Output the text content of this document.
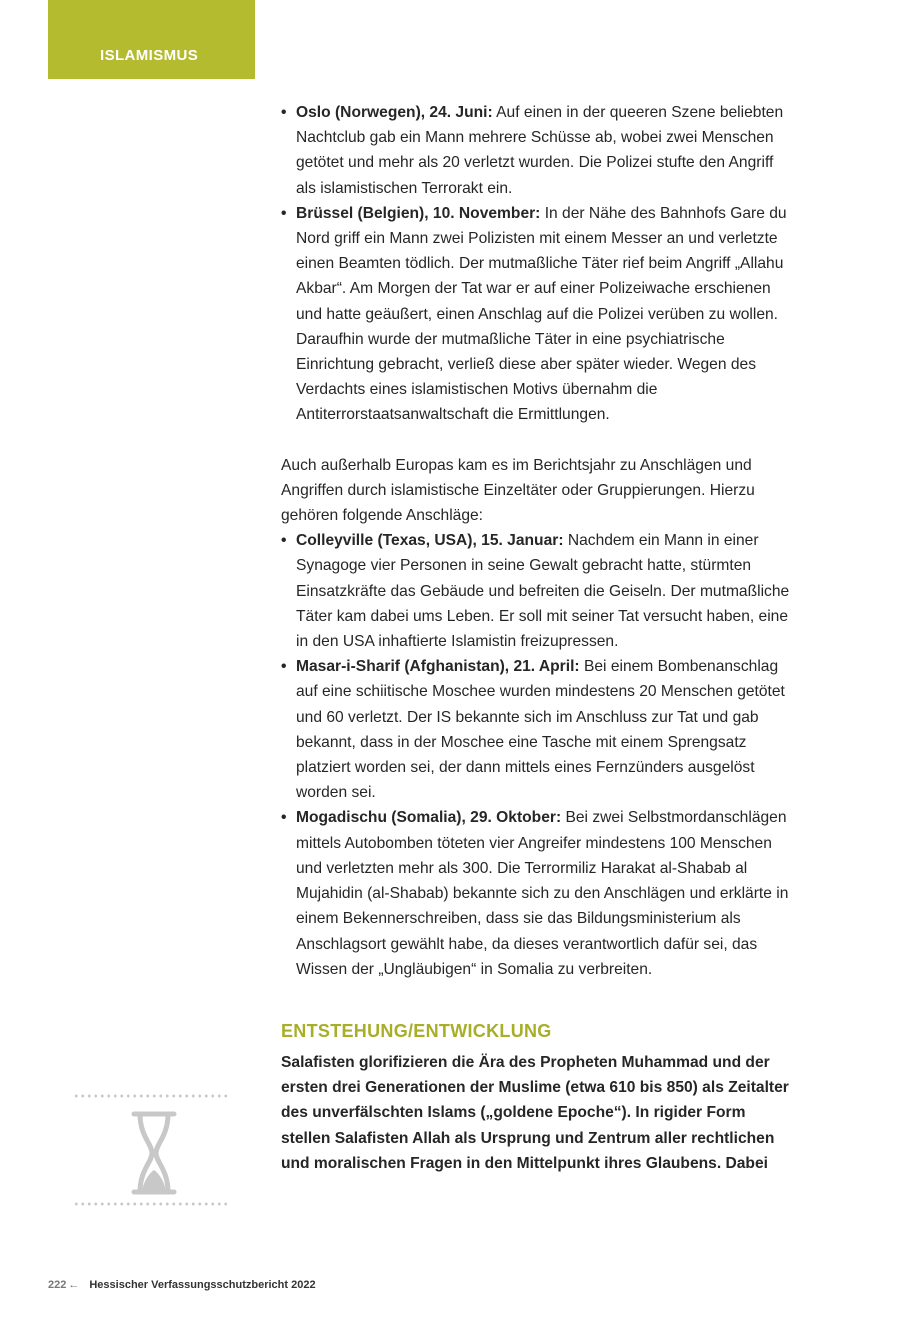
ISLAMISMUS
• Oslo (Norwegen), 24. Juni: Auf einen in der queeren Szene beliebten Nachtclub gab ein Mann mehrere Schüsse ab, wobei zwei Menschen getötet und mehr als 20 verletzt wurden. Die Polizei stufte den Angriff als islamistischen Terrorakt ein.
• Brüssel (Belgien), 10. November: In der Nähe des Bahnhofs Gare du Nord griff ein Mann zwei Polizisten mit einem Messer an und verletzte einen Beamten tödlich. Der mutmaßliche Täter rief beim Angriff „Allahu Akbar“. Am Morgen der Tat war er auf einer Polizeiwache erschienen und hatte geäußert, einen Anschlag auf die Polizei verüben zu wollen. Daraufhin wurde der mutmaßliche Täter in eine psychiatrische Einrichtung gebracht, verließ diese aber später wieder. Wegen des Verdachts eines islamistischen Motivs übernahm die Antiterrorstaatsanwaltschaft die Ermittlungen.

Auch außerhalb Europas kam es im Berichtsjahr zu Anschlägen und Angriffen durch islamistische Einzeltäter oder Gruppierungen. Hierzu gehören folgende Anschläge:

• Colleyville (Texas, USA), 15. Januar: Nachdem ein Mann in einer Synagoge vier Personen in seine Gewalt gebracht hatte, stürmten Einsatzkräfte das Gebäude und befreiten die Geiseln. Der mutmaßliche Täter kam dabei ums Leben. Er soll mit seiner Tat versucht haben, eine in den USA inhaftierte Islamistin freizupressen.
• Masar-i-Sharif (Afghanistan), 21. April: Bei einem Bombenanschlag auf eine schiitische Moschee wurden mindestens 20 Menschen getötet und 60 verletzt. Der IS bekannte sich im Anschluss zur Tat und gab bekannt, dass in der Moschee eine Tasche mit einem Sprengsatz platziert worden sei, der dann mittels eines Fernzünders ausgelöst worden sei.
• Mogadischu (Somalia), 29. Oktober: Bei zwei Selbstmordanschlägen mittels Autobomben töteten vier Angreifer mindestens 100 Menschen und verletzten mehr als 300. Die Terrormiliz Harakat al-Shabab al Mujahidin (al-Shabab) bekannte sich zu den Anschlägen und erklärte in einem Bekennerschreiben, dass sie das Bildungsministerium als Anschlagsort gewählt habe, da dieses verantwortlich dafür sei, das Wissen der „Ungläubigen“ in Somalia zu verbreiten.
ENTSTEHUNG/ENTWICKLUNG

Salafisten glorifizieren die Ära des Propheten Muhammad und der ersten drei Generationen der Muslime (etwa 610 bis 850) als Zeitalter des unverfälschten Islams („goldene Epoche“). In rigider Form stellen Salafisten Allah als Ursprung und Zentrum aller rechtlichen und moralischen Fragen in den Mittelpunkt ihres Glaubens. Dabei

222 ← Hessischer Verfassungsschutzbericht 2022
